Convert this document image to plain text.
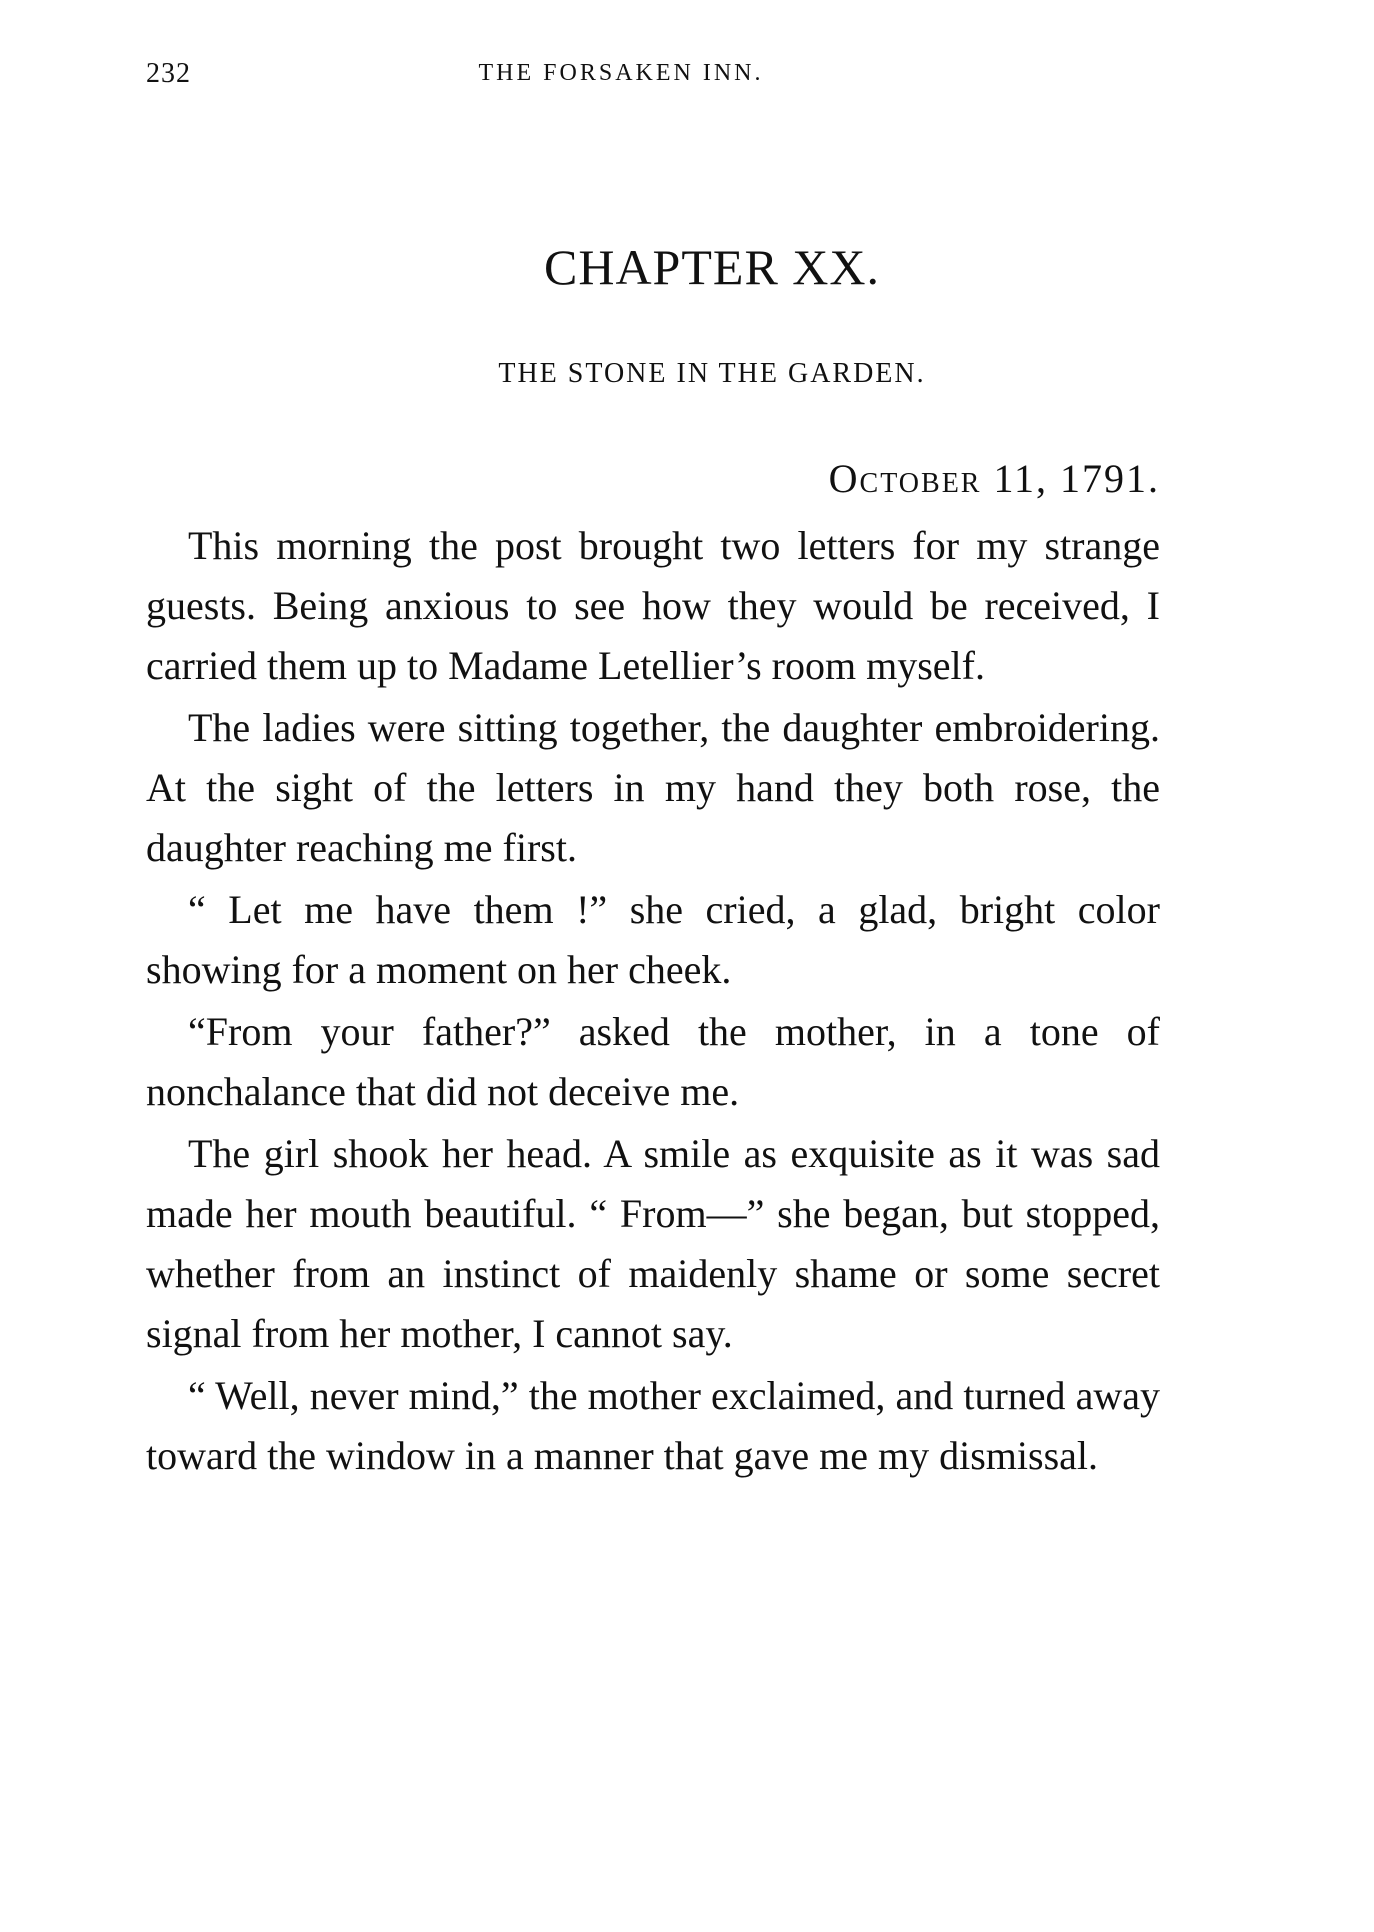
232	THE FORSAKEN INN.
CHAPTER XX.
THE STONE IN THE GARDEN.
October 11, 1791.

This morning the post brought two letters for my strange guests. Being anxious to see how they would be received, I carried them up to Madame Letellier’s room myself.

The ladies were sitting together, the daughter embroidering. At the sight of the letters in my hand they both rose, the daughter reaching me first.

“ Let me have them !” she cried, a glad, bright color showing for a moment on her cheek.

“From your father?” asked the mother, in a tone of nonchalance that did not deceive me.

The girl shook her head. A smile as exquisite as it was sad made her mouth beautiful. “ From—” she began, but stopped, whether from an instinct of maidenly shame or some secret signal from her mother, I cannot say.

“ Well, never mind,” the mother exclaimed, and turned away toward the window in a manner that gave me my dismissal.
